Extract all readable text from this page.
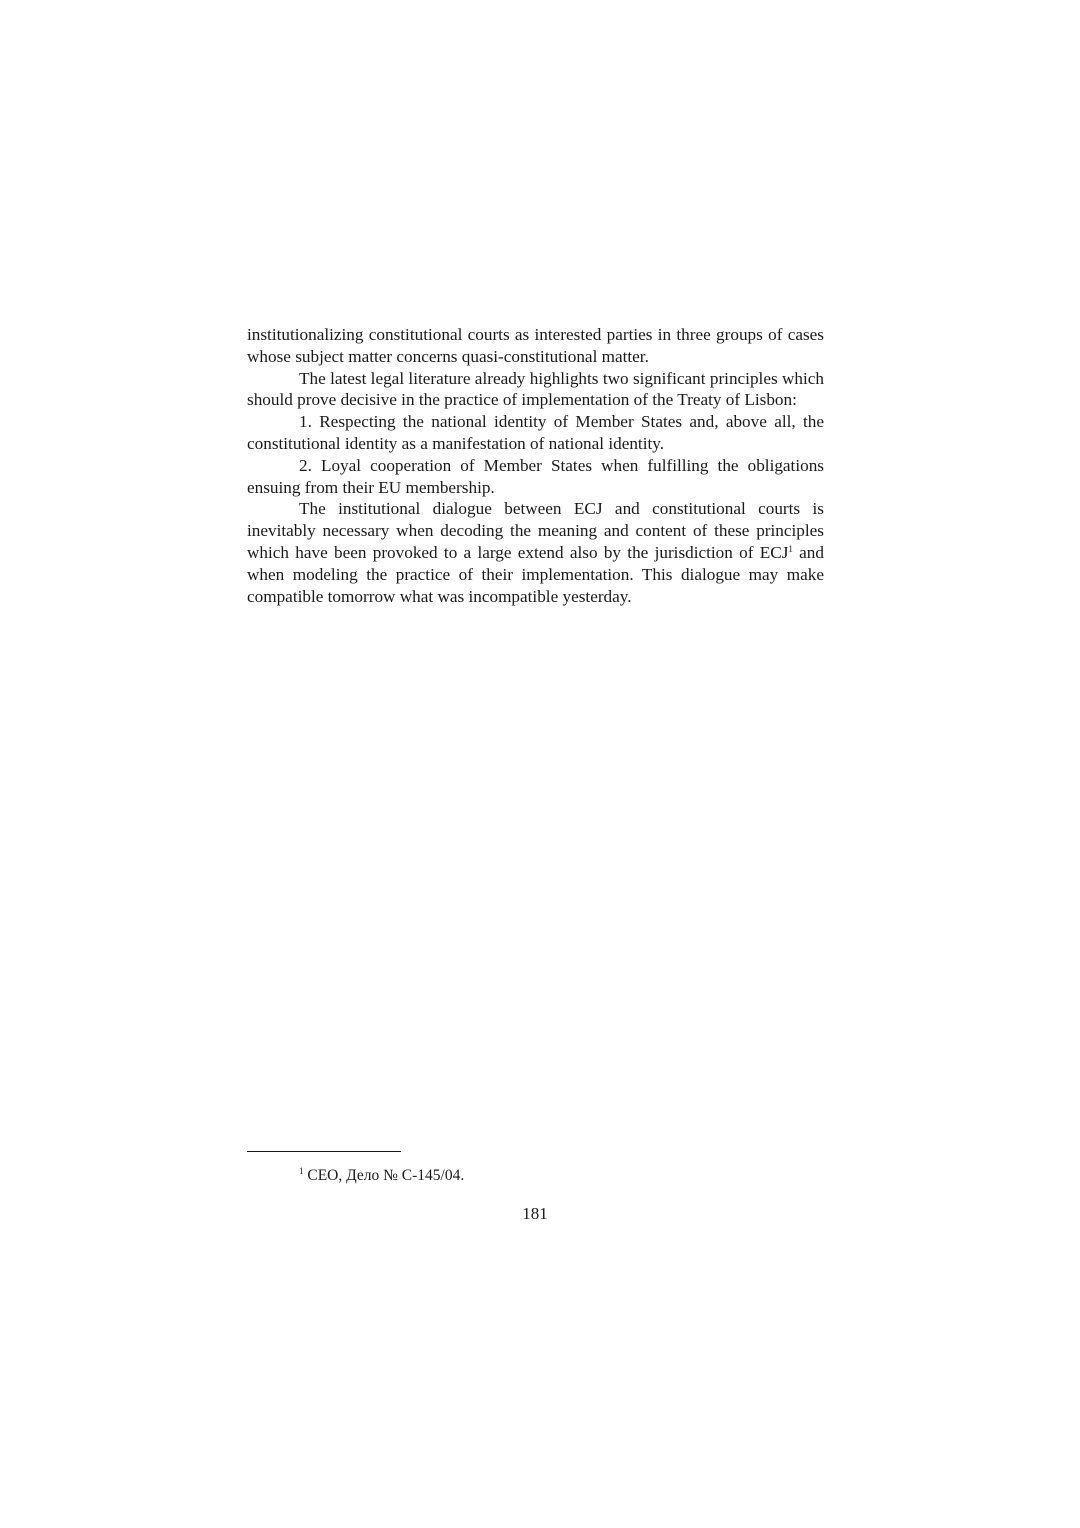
institutionalizing constitutional courts as interested parties in three groups of cases whose subject matter concerns quasi-constitutional matter.

The latest legal literature already highlights two significant principles which should prove decisive in the practice of implementation of the Treaty of Lisbon:

1. Respecting the national identity of Member States and, above all, the constitutional identity as a manifestation of national identity.

2. Loyal cooperation of Member States when fulfilling the obligations ensuing from their EU membership.

The institutional dialogue between ECJ and constitutional courts is inevitably necessary when decoding the meaning and content of these principles which have been provoked to a large extend also by the jurisdiction of ECJ$^1$ and when modeling the practice of their implementation. This dialogue may make compatible tomorrow what was incompatible yesterday.

$^1$ CEO, Дело № C-145/04.
181
